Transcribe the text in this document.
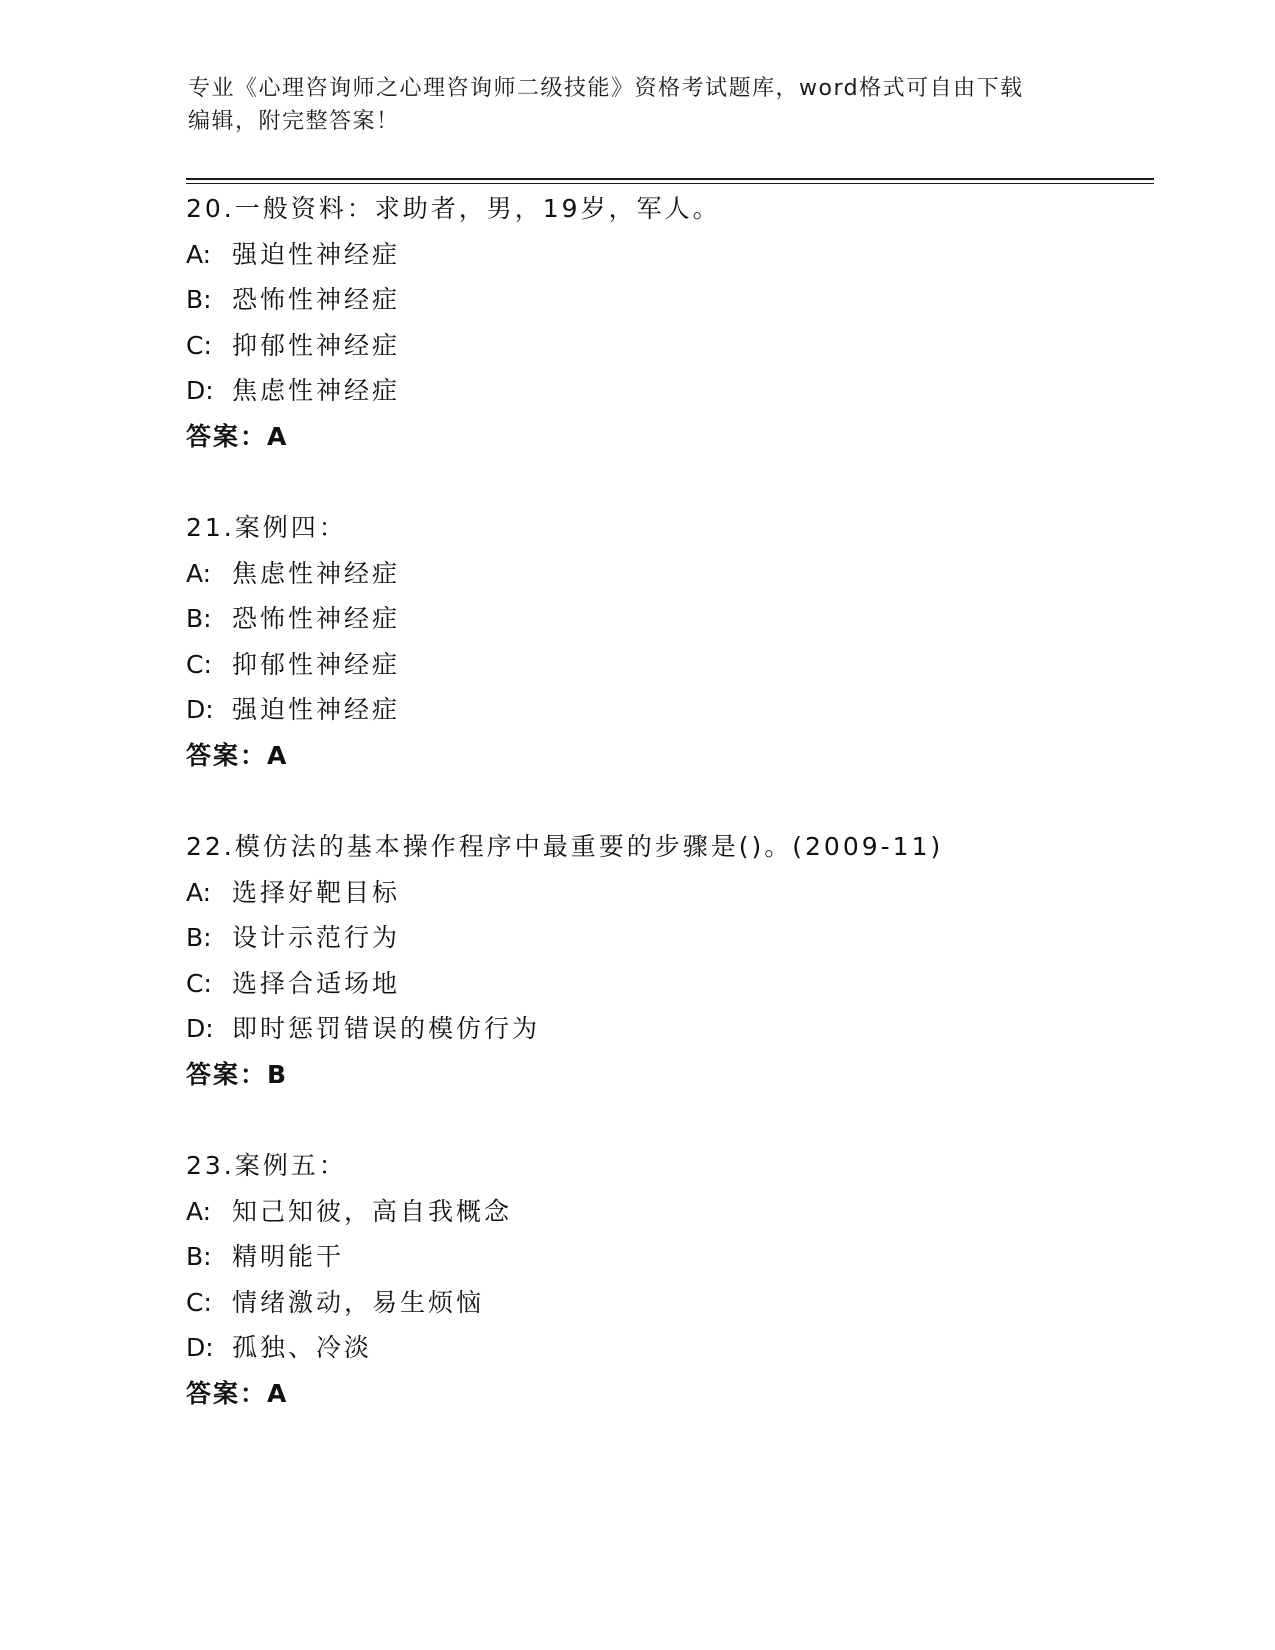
专业《心理咨询师之心理咨询师二级技能》资格考试题库，word格式可自由下载
编辑，附完整答案！
20.一般资料：求助者，男，19岁，军人。
A: 强迫性神经症
B: 恐怖性神经症
C: 抑郁性神经症
D: 焦虑性神经症
答案：A
21.案例四：
A: 焦虑性神经症
B: 恐怖性神经症
C: 抑郁性神经症
D: 强迫性神经症
答案：A
22.模仿法的基本操作程序中最重要的步骤是()。(2009-11)
A: 选择好靶目标
B: 设计示范行为
C: 选择合适场地
D: 即时惩罚错误的模仿行为
答案：B
23.案例五：
A: 知己知彼，高自我概念
B: 精明能干
C: 情绪激动，易生烦恼
D: 孤独、冷淡
答案：A
